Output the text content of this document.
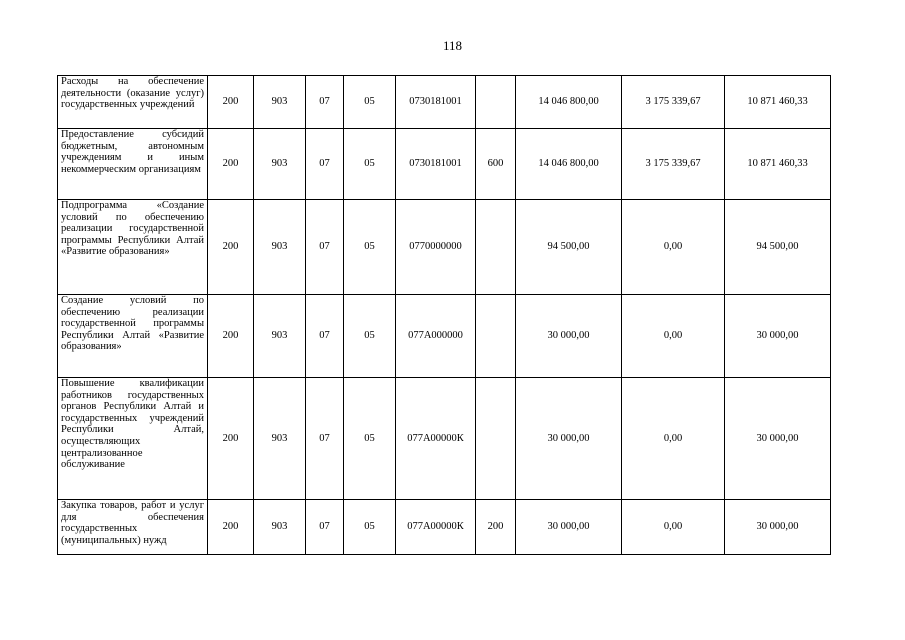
118
Расходы на обеспечение деятельности (оказание услуг) государственных учреждений	200	903	07	05	0730181001		14 046 800,00	3 175 339,67	10 871 460,33
Предоставление субсидий бюджетным, автономным учреждениям и иным некоммерческим организациям	200	903	07	05	0730181001	600	14 046 800,00	3 175 339,67	10 871 460,33
Подпрограмма «Создание условий по обеспечению реализации государственной программы Республики Алтай «Развитие образования»	200	903	07	05	0770000000		94 500,00	0,00	94 500,00
Создание условий по обеспечению реализации государственной программы Республики Алтай «Развитие образования»	200	903	07	05	077А000000		30 000,00	0,00	30 000,00
Повышение квалификации работников государственных органов Республики Алтай и государственных учреждений Республики Алтай, осуществляющих централизованное обслуживание	200	903	07	05	077А00000К		30 000,00	0,00	30 000,00
Закупка товаров, работ и услуг для обеспечения государственных (муниципальных) нужд	200	903	07	05	077А00000К	200	30 000,00	0,00	30 000,00
